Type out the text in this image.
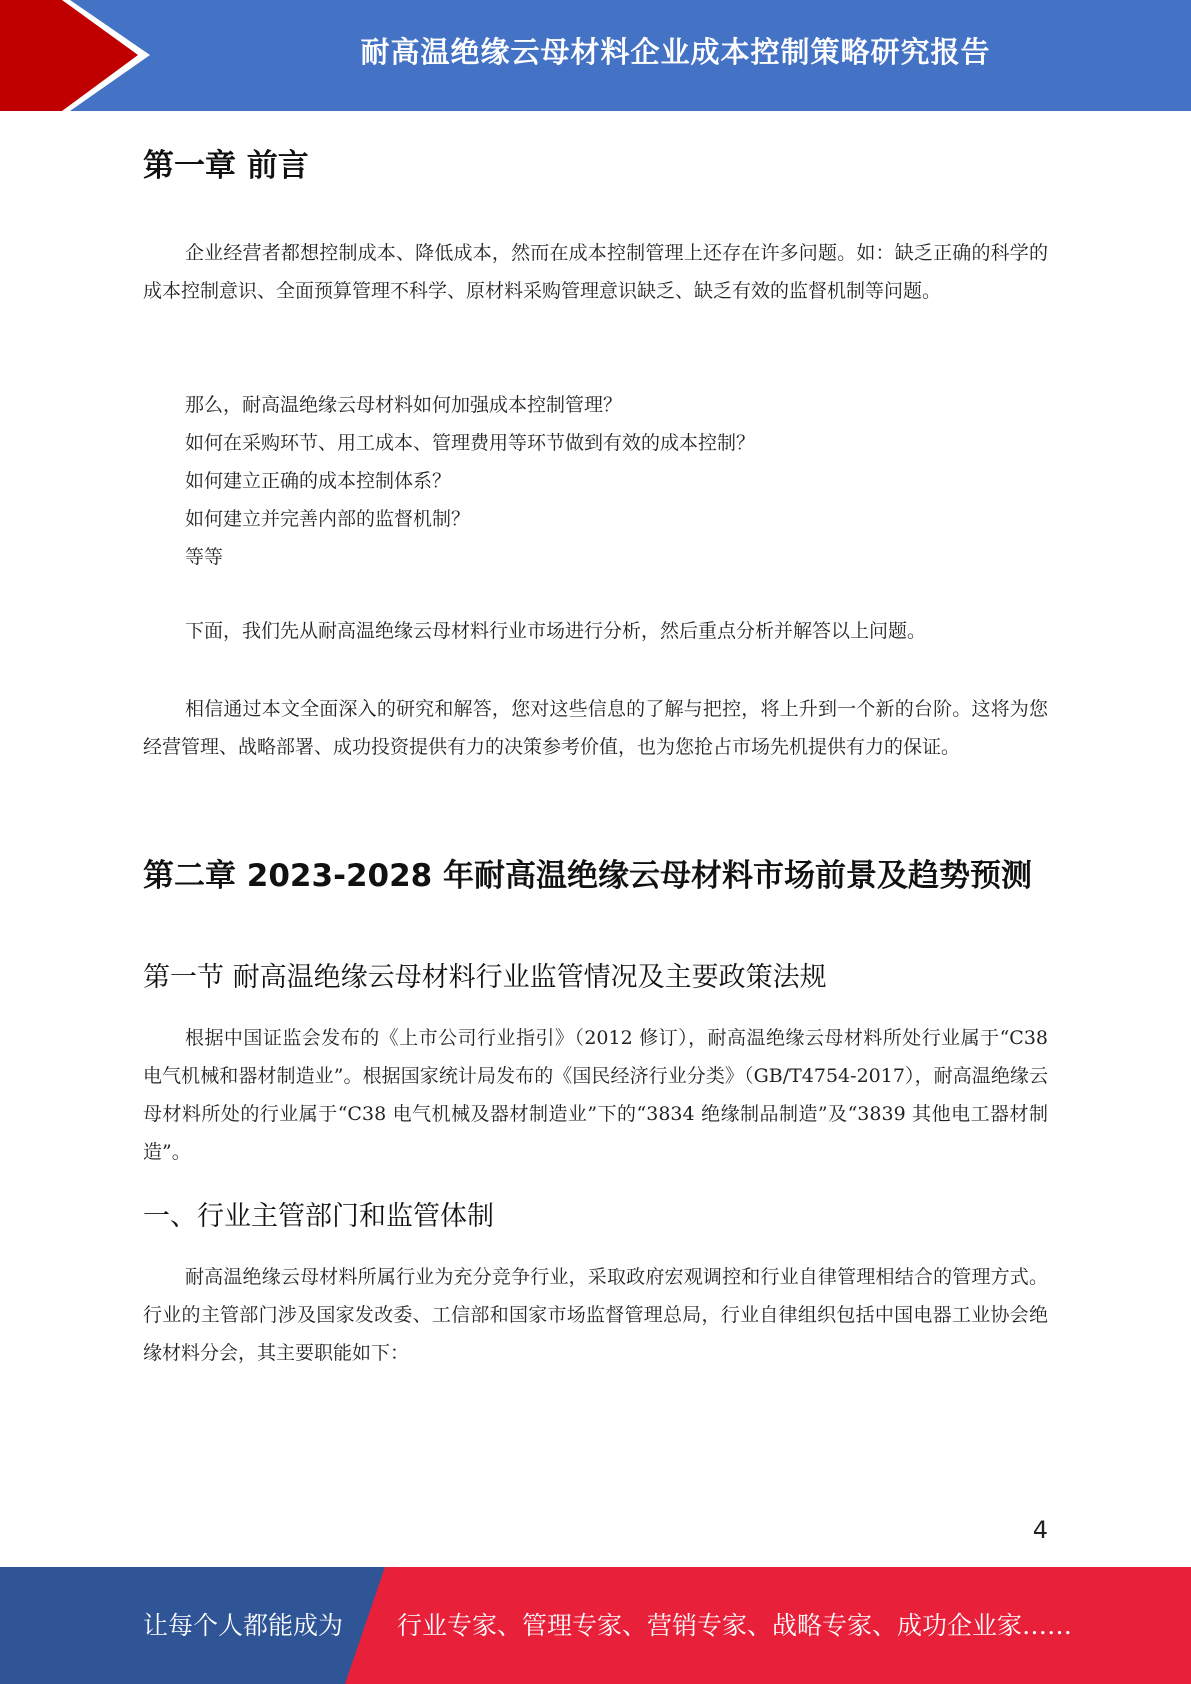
耐高温绝缘云母材料企业成本控制策略研究报告
第一章 前言

企业经营者都想控制成本、降低成本，然而在成本控制管理上还存在许多问题。如：缺乏正确的科学的成本控制意识、全面预算管理不科学、原材料采购管理意识缺乏、缺乏有效的监督机制等问题。

那么，耐高温绝缘云母材料如何加强成本控制管理？
如何在采购环节、用工成本、管理费用等环节做到有效的成本控制？
如何建立正确的成本控制体系？
如何建立并完善内部的监督机制？
等等

下面，我们先从耐高温绝缘云母材料行业市场进行分析，然后重点分析并解答以上问题。

相信通过本文全面深入的研究和解答，您对这些信息的了解与把控，将上升到一个新的台阶。这将为您经营管理、战略部署、成功投资提供有力的决策参考价值，也为您抢占市场先机提供有力的保证。

第二章 2023-2028 年耐高温绝缘云母材料市场前景及趋势预测
第一节 耐高温绝缘云母材料行业监管情况及主要政策法规

根据中国证监会发布的《上市公司行业指引》（2012 修订），耐高温绝缘云母材料所处行业属于“C38 电气机械和器材制造业”。根据国家统计局发布的《国民经济行业分类》（GB/T4754-2017），耐高温绝缘云母材料所处的行业属于“C38 电气机械及器材制造业”下的“3834 绝缘制品制造”及“3839 其他电工器材制造”。

一、行业主管部门和监管体制

耐高温绝缘云母材料所属行业为充分竞争行业，采取政府宏观调控和行业自律管理相结合的管理方式。行业的主管部门涉及国家发改委、工信部和国家市场监督管理总局，行业自律组织包括中国电器工业协会绝缘材料分会，其主要职能如下：

4
让每个人都能成为 行业专家、管理专家、营销专家、战略专家、成功企业家……
